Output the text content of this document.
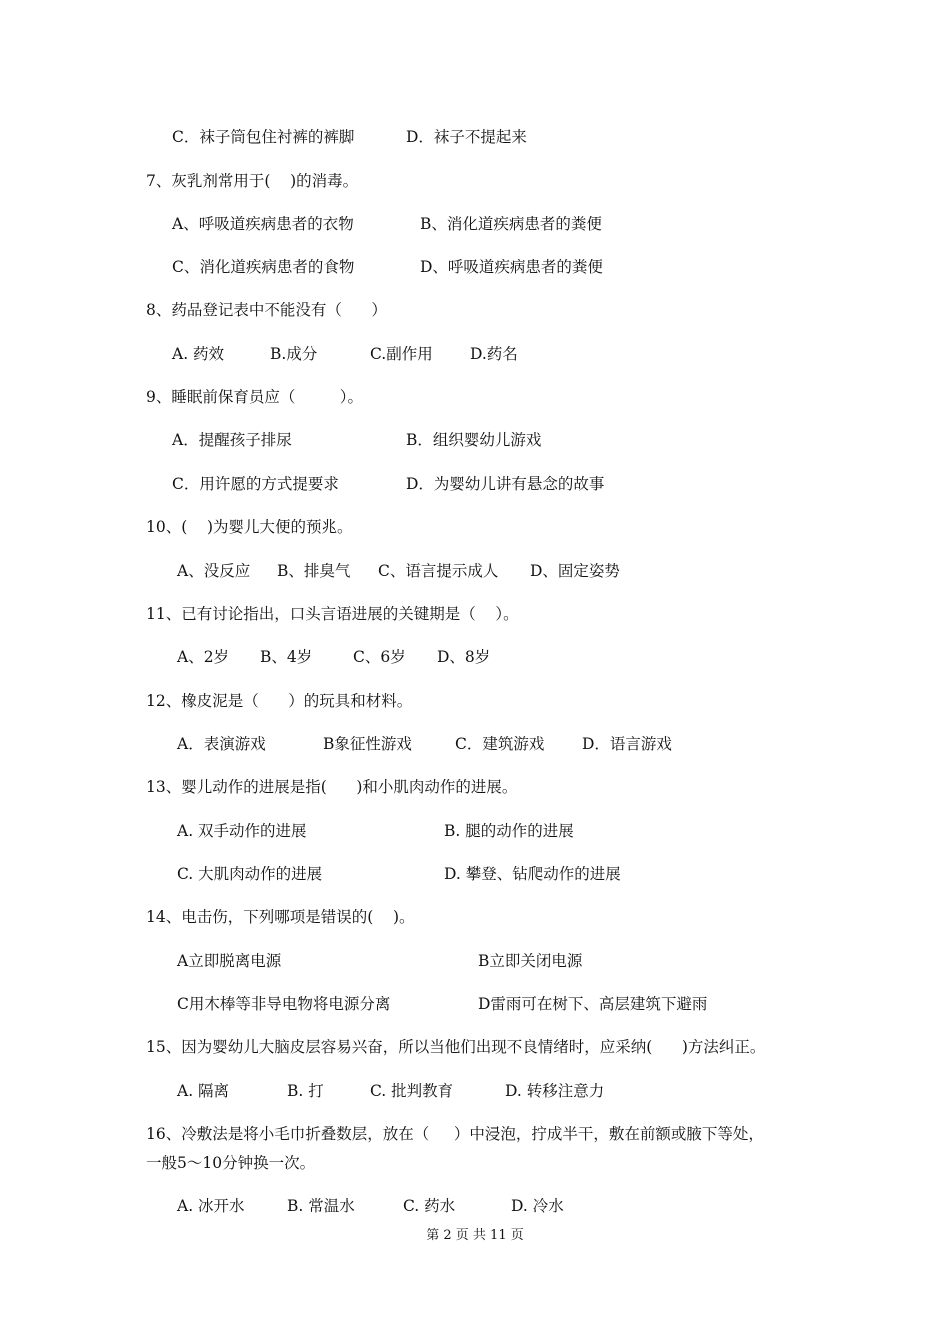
C．袜子筒包住衬裤的裤脚	D．袜子不提起来
7、灰乳剂常用于(    )的消毒。
A、呼吸道疾病患者的衣物	B、消化道疾病患者的粪便
C、消化道疾病患者的食物	D、呼吸道疾病患者的粪便
8、药品登记表中不能没有（      ）
A. 药效	B.成分	C.副作用 D.药名
9、睡眠前保育员应（         ）。
A．提醒孩子排尿	B．组织婴幼儿游戏
C．用许愿的方式提要求	D．为婴幼儿讲有悬念的故事
10、(    )为婴儿大便的预兆。
A、没反应 B、排臭气 C、语言提示成人 D、固定姿势
11、已有讨论指出，口头言语进展的关键期是（    ）。
A、2岁 B、4岁	C、6岁 D、8岁
12、橡皮泥是（      ）的玩具和材料。
A．表演游戏	B象征性游戏	C．建筑游戏 D．语言游戏
13、婴儿动作的进展是指(      )和小肌肉动作的进展。
A. 双手动作的进展	B. 腿的动作的进展
C. 大肌肉动作的进展	D. 攀登、钻爬动作的进展
14、电击伤，下列哪项是错误的(    )。
A立即脱离电源	B立即关闭电源
C用木棒等非导电物将电源分离	D雷雨可在树下、高层建筑下避雨
15、因为婴幼儿大脑皮层容易兴奋，所以当他们出现不良情绪时，应采纳(      )方法纠正。
A. 隔离	B. 打	C. 批判教育	D. 转移注意力
16、冷敷法是将小毛巾折叠数层，放在（     ）中浸泡，拧成半干，敷在前额或腋下等处，
一般5～10分钟换一次。
A. 冰开水	B. 常温水	C. 药水	D. 冷水
第 2 页 共 11 页
